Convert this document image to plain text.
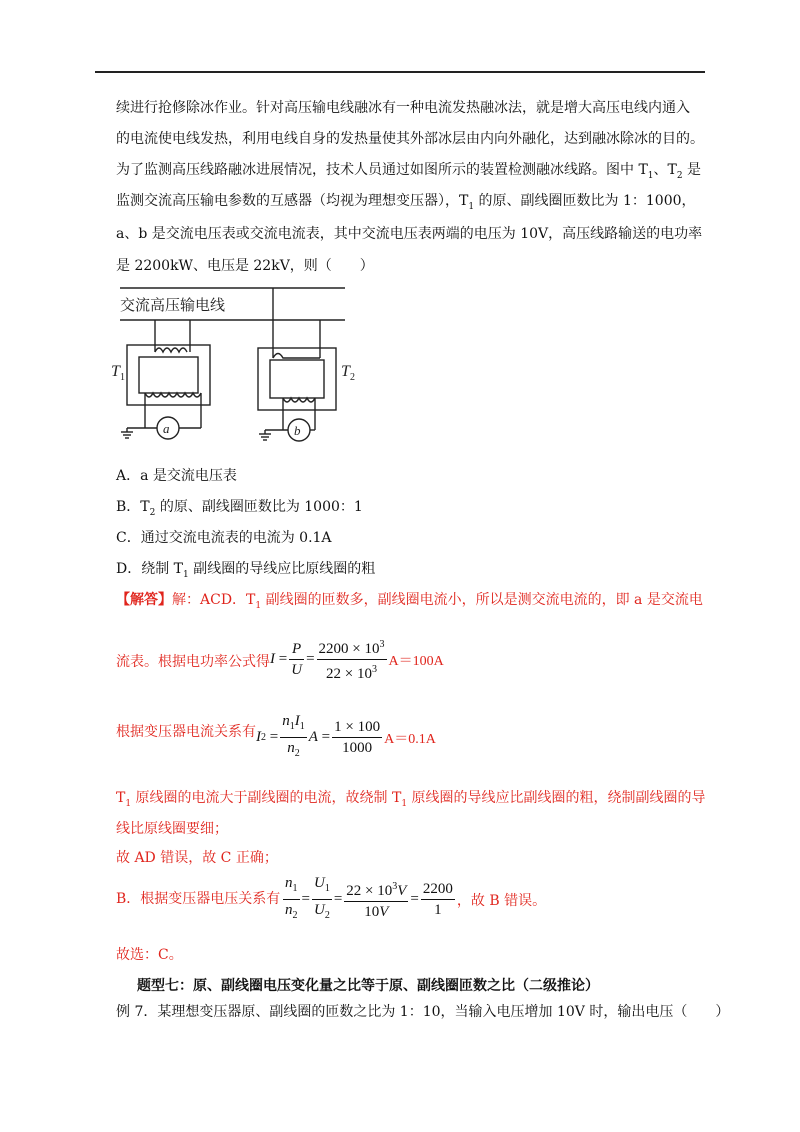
续进行抢修除冰作业。针对高压输电线融冰有一种电流发热融冰法，就是增大高压电线内通入
的电流使电线发热，利用电线自身的发热量使其外部冰层由内向外融化，达到融冰除冰的目的。
为了监测高压线路融冰进展情况，技术人员通过如图所示的装置检测融冰线路。图中 $T_1$、$T_2$ 是
监测交流高压输电参数的互感器（均视为理想变压器），$T_1$ 的原、副线圈匝数比为 1：1000，
a、b 是交流电压表或交流电流表，其中交流电压表两端的电压为 10V，高压线路输送的电功率
是 2200kW、电压是 22kV，则（　　）
交流高压输电线
T 1	T 2
a	b
A．a 是交流电压表
B．$T_2$ 的原、副线圈匝数比为 1000：1
C．通过交流电流表的电流为 0.1A
D．绕制 $T_1$ 副线圈的导线应比原线圈的粗
【解答】解：ACD．$T_1$ 副线圈的匝数多，副线圈电流小，所以是测交流电流的，即 a 是交流电
流表。根据电功率公式得 I
= $\frac{P}{U} = \frac{2200 \times 10^3}{22 \times 10^3} A=100A$
根据变压器电流关系有 I $2 = \frac{n_1I_1}{n_2}$ $A = \frac{1 \times 100}{1000} A=0.1A$
$T_1$ 原线圈的电流大于副线圈的电流，故绕制 $T_1$ 原线圈的导线应比副线圈的粗，绕制副线圈的导
线比原线圈要细；
故 AD 错误，故 C 正确；
B．根据变压器电压关系有 $\frac{n_1}{n_2} = \frac{U_1}{U_2} = \frac{22 \times 10^3V}{10V} = \frac{2200}{1}$ ，故 B 错误。
故选：C。
题型七：原、副线圈电压变化量之比等于原、副线圈匝数之比（二级推论）
例 7．某理想变压器原、副线圈的匝数之比为 1：10，当输入电压增加 10V 时，输出电压（　　）
